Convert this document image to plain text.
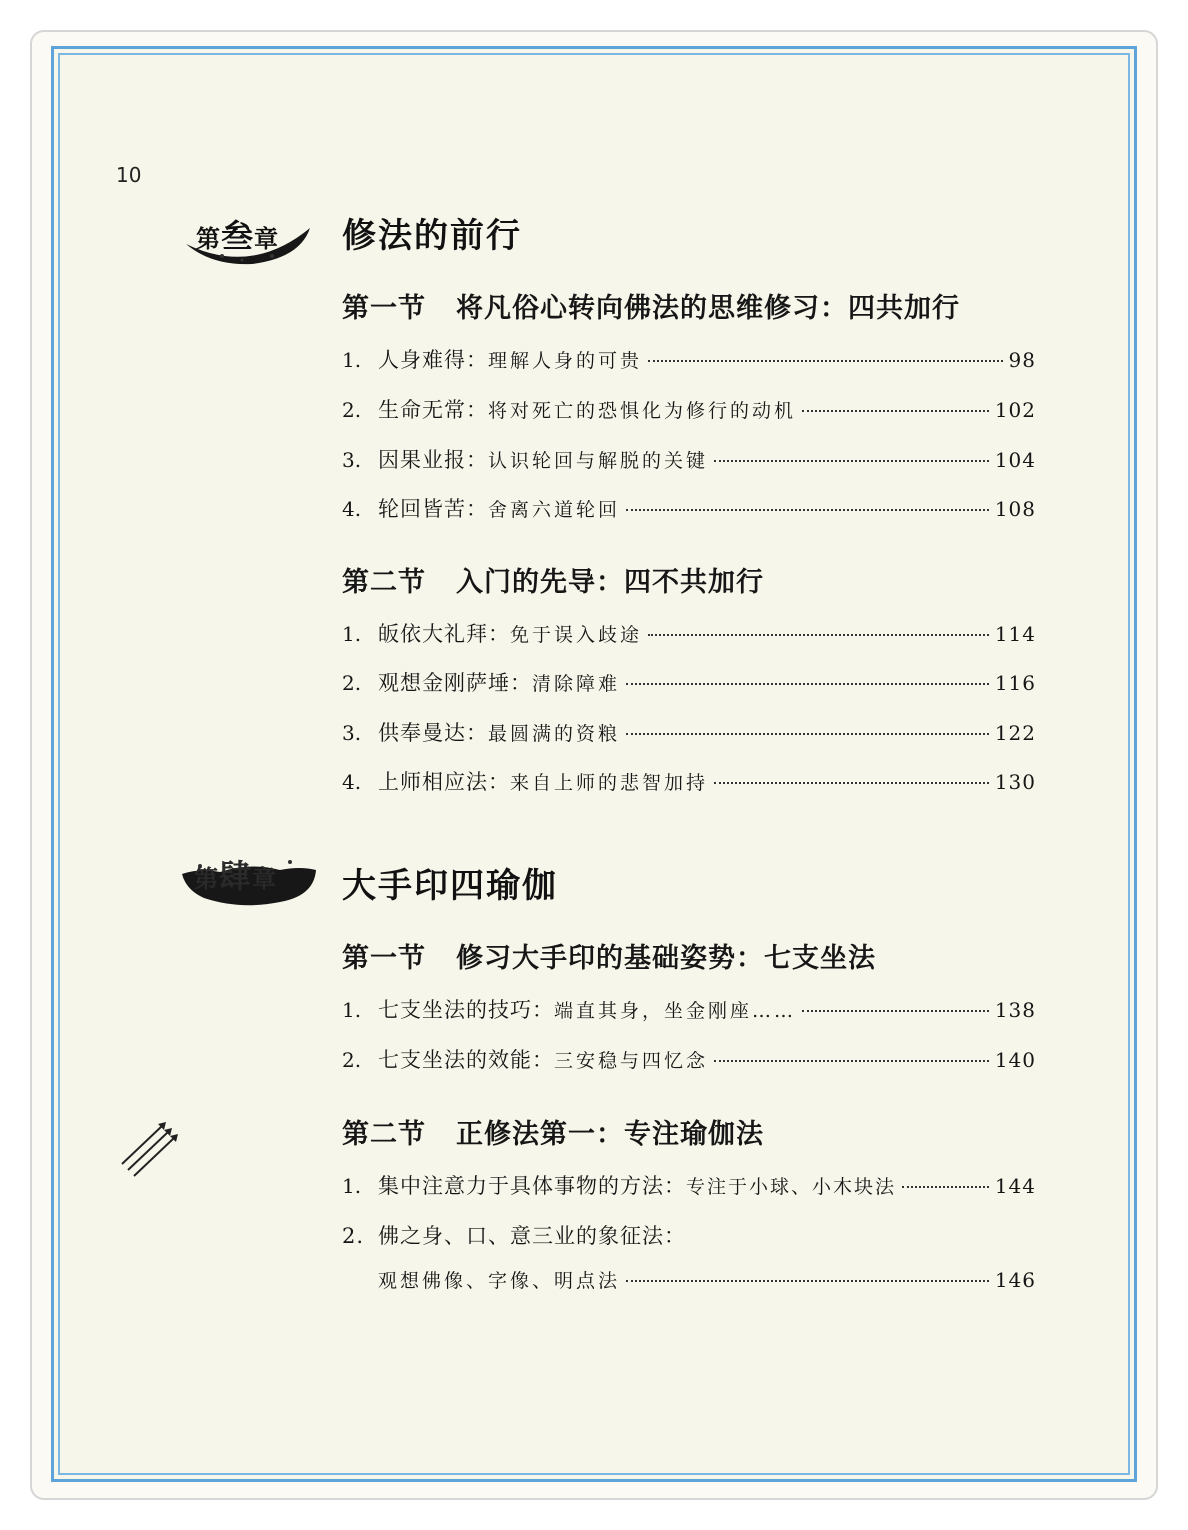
10
第叁章 修法的前行
第一节 将凡俗心转向佛法的思维修习：四共加行
1. 人身难得： 理解人身的可贵	98
2. 生命无常： 将对死亡的恐惧化为修行的动机	102
3. 因果业报： 认识轮回与解脱的关键	104
4. 轮回皆苦： 舍离六道轮回	108
第二节 入门的先导：四不共加行
1. 皈依大礼拜： 免于误入歧途	114
2. 观想金刚萨埵： 清除障难	116
3. 供奉曼达： 最圆满的资粮	122
4. 上师相应法： 来自上师的悲智加持	130
第肆章 大手印四瑜伽
第一节 修习大手印的基础姿势：七支坐法
1. 七支坐法的技巧： 端直其身，坐金刚座……	138
2. 七支坐法的效能： 三安稳与四忆念	140
第二节 正修法第一：专注瑜伽法
1. 集中注意力于具体事物的方法： 专注于小球、小木块法	144
2. 佛之身、口、意三业的象征法：
观想佛像、字像、明点法	146
